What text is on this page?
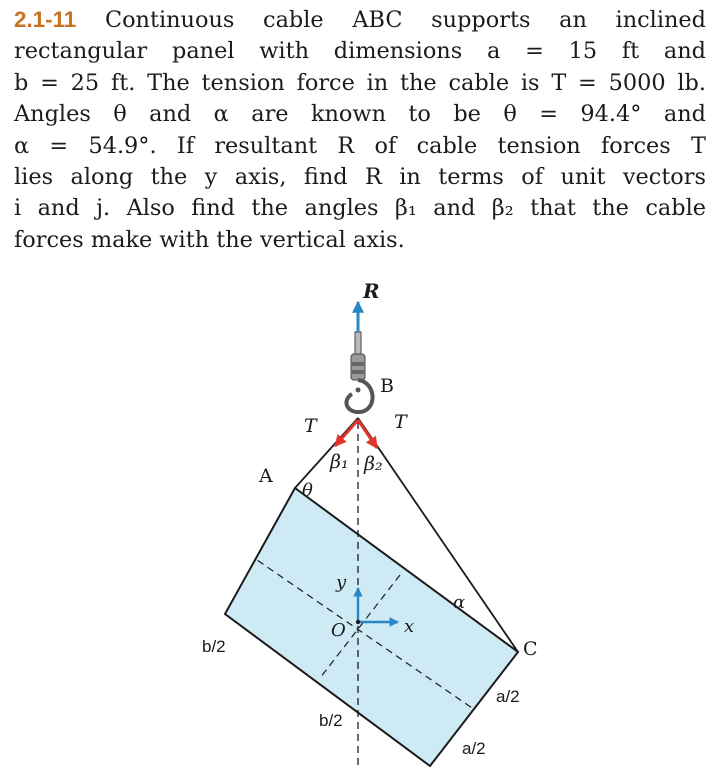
2.1-11 Continuous cable ABC supports an inclined
rectangular panel with dimensions a = 15 ft and
b = 25 ft. The tension force in the cable is T = 5000 lb.
Angles θ and α are known to be θ = 94.4° and
α = 54.9°. If resultant R of cable tension forces T
lies along the y axis, find R in terms of unit vectors
i and j. Also find the angles β₁ and β₂ that the cable
forces make with the vertical axis.
R
B
T	T
β₁ β₂
A
θ
α
y
x
O
C
b/2
b/2
a/2
a/2
